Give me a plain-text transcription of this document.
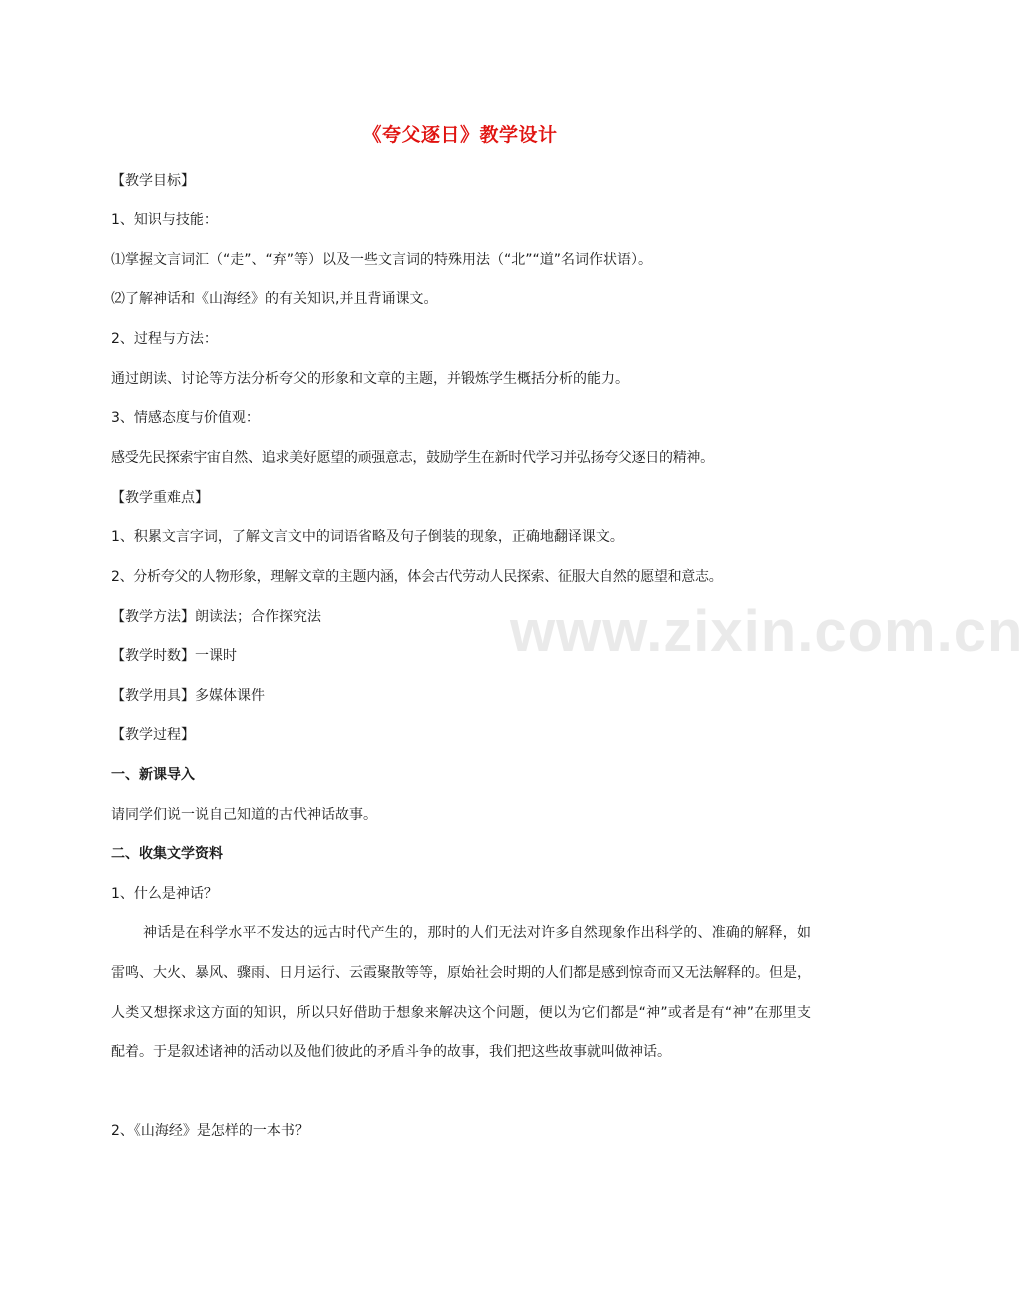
《夸父逐日》教学设计
【教学目标】
1、知识与技能：
⑴掌握文言词汇（“走”、“弃”等）以及一些文言词的特殊用法（“北”“道”名词作状语）。
⑵了解神话和《山海经》的有关知识,并且背诵课文。
2、过程与方法：
通过朗读、讨论等方法分析夸父的形象和文章的主题，并锻炼学生概括分析的能力。
3、情感态度与价值观：
感受先民探索宇宙自然、追求美好愿望的顽强意志，鼓励学生在新时代学习并弘扬夸父逐日的精神。
【教学重难点】
1、积累文言字词，了解文言文中的词语省略及句子倒装的现象，正确地翻译课文。
2、分析夸父的人物形象，理解文章的主题内涵，体会古代劳动人民探索、征服大自然的愿望和意志。
【教学方法】朗读法；合作探究法
【教学时数】一课时
【教学用具】多媒体课件
【教学过程】
一、新课导入
请同学们说一说自己知道的古代神话故事。
二、收集文学资料
1、什么是神话？
神话是在科学水平不发达的远古时代产生的，那时的人们无法对许多自然现象作出科学的、准确的解释，如雷鸣、大火、暴风、骤雨、日月运行、云霞聚散等等，原始社会时期的人们都是感到惊奇而又无法解释的。但是，人类又想探求这方面的知识，所以只好借助于想象来解决这个问题，便以为它们都是“神”或者是有“神”在那里支配着。于是叙述诸神的活动以及他们彼此的矛盾斗争的故事，我们把这些故事就叫做神话。
2、《山海经》是怎样的一本书？
www.zixin.com.cn
